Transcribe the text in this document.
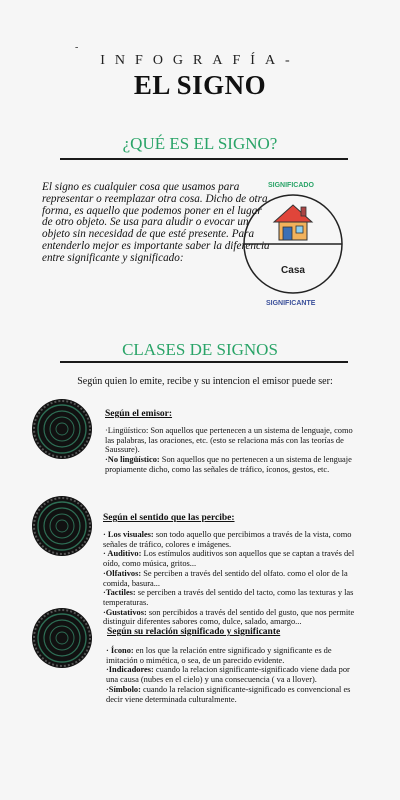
-
INFOGRAFÍA-
EL SIGNO
¿QUÉ ES EL SIGNO?
El signo es cualquier cosa que usamos para representar o reemplazar otra cosa. Dicho de otra forma, es aquello que podemos poner en el lugar de otro objeto. Se usa para aludir o evocar un objeto sin necesidad de que esté presente. Para entenderlo mejor es importante saber la diferencia entre significante y significado:
SIGNIFICADO
Casa
SIGNIFICANTE
CLASES DE SIGNOS
Según quien lo emite, recibe y su intencion el emisor puede ser:
Según el emisor:

·Lingüístico: Son aquellos que pertenecen a un sistema de lenguaje, como las palabras, las oraciones, etc. (esto se relaciona más con las teorías de Saussure).

·No lingüístico: Son aquellos que no pertenecen a un sistema de lenguaje propiamente dicho, como las señales de tráfico, íconos, gestos, etc.

Según el sentido que las percibe:

· Los visuales: son todo aquello que percibimos a través de la vista, como señales de tráfico, colores e imágenes.

· Auditivo: Los estímulos auditivos son aquellos que se captan a través del oído, como música, gritos...

·Olfativos: Se perciben a través del sentido del olfato. como el olor de la comida, basura...

·Tactiles: se perciben a través del sentido del tacto, como las texturas y las temperaturas.

·Gustativos: son percibidos a través del sentido del gusto, que nos permite distinguir diferentes sabores como, dulce, salado, amargo...

Según su relación significado y significante

· Ícono: en los que la relación entre significado y significante es de imitación o mimética, o sea, de un parecido evidente.

·Indicadores: cuando la relacion significante-significado viene dada por una causa (nubes en el cielo) y una consecuencia ( va a llover).

·Símbolo: cuando la relacion significante-significado es convencional es decir viene determinada culturalmente.
